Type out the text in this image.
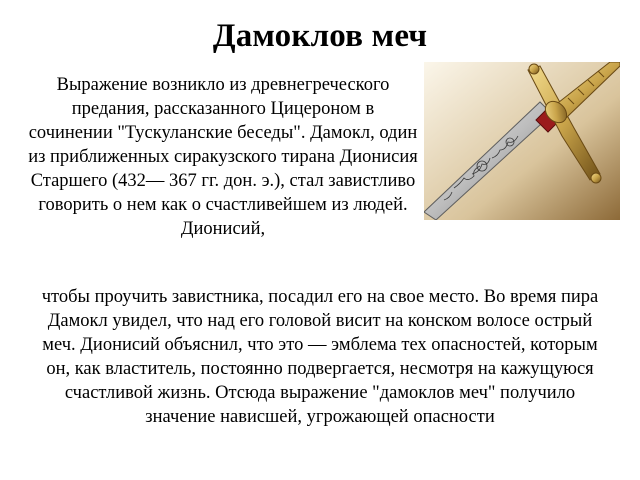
Дамоклов меч
Выражение возникло из древнегреческого предания, рассказанного Цицероном в сочинении "Тускуланские беседы". Дамокл, один из приближенных сиракузского тирана Дионисия Старшего (432— 367 гг. дон. э.), стал завистливо говорить о нем как о счастливейшем из людей. Дионисий,
чтобы проучить завистника, посадил его на свое место. Во время пира Дамокл увидел, что над его головой висит на конском волосе острый меч. Дионисий объяснил, что это — эмблема тех опасностей, которым он, как властитель, постоянно подвергается, несмотря на кажущуюся счастливой жизнь. Отсюда выражение "дамоклов меч" получило значение нависшей, угрожающей опасности
